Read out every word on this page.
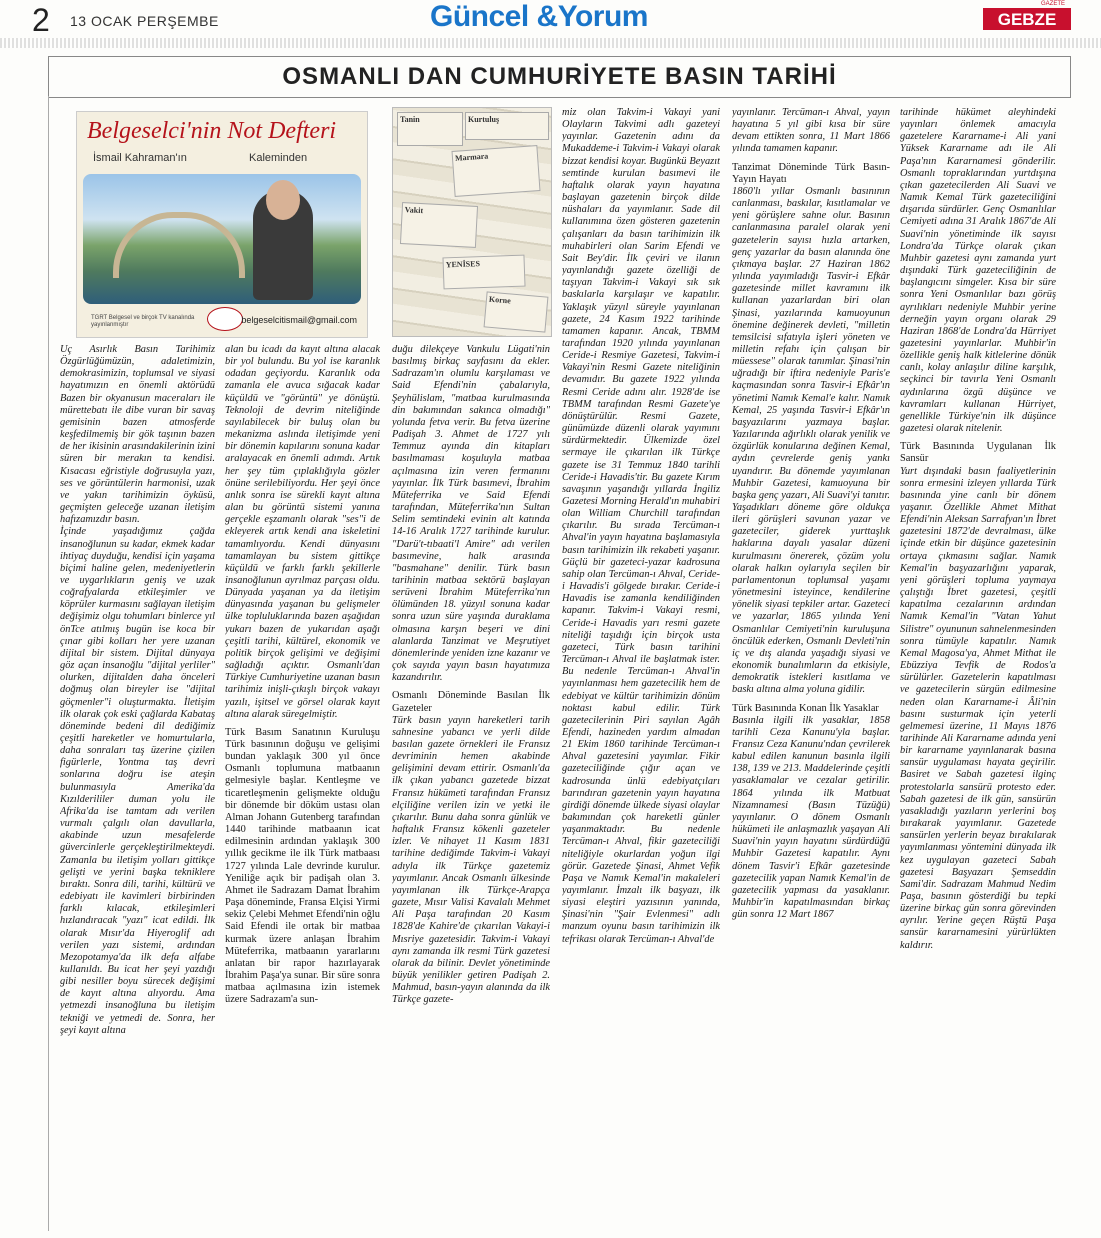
2 13 OCAK PERŞEMBE	Güncel &Yorum	GAZETE
GEBZE
OSMANLI DAN CUMHURİYETE BASIN TARİHİ
Belgeselci'nin Not Defteri
İsmail Kahraman'ın	Kaleminden
TGRT Belgesel ve birçok TV kanalında yayınlanmıştır	belgeselcitismail@gmail.com
Tanin	Kurtuluş
Marmara
Vakit
YENİSES
Korne

Üç Asırlık Basın Tarihimiz Özgürlüğümüzün, adaletimizin, demokrasimizin, toplumsal ve siyasi hayatımızın en önemli aktörüdü Bazen bir okyanusun maceraları ile mürettebatı ile dibe vuran bir savaş gemisinin bazen atmosferde keşfedilmemiş bir gök taşının bazen de her ikisinin arasındakilerinin izini süren bir merakın ta kendisi. Kısacası eğristiyle doğrusuyla yazı, ses ve görüntülerin harmonisi, uzak ve yakın tarihimizin öyküsü, geçmişten geleceğe uzanan iletişim hafızamızdır basın.

İçinde yaşadığımız çağda insanoğlunun su kadar, ekmek kadar ihtiyaç duyduğu, kendisi için yaşama biçimi haline gelen, medeniyetlerin ve uygarlıkların geniş ve uzak coğrafyalarda etkileşimler ve köprüler kurmasını sağlayan iletişim değişimiz olgu tohumları binlerce yıl önTce atılmış bugün ise koca bir çınar gibi kolları her yere uzanan dijital bir sistem. Dijital dünyaya göz açan insanoğlu "dijital yerliler" olurken, dijitalden daha önceleri doğmuş olan bireyler ise "dijital göçmenler"i oluşturmakta. İletişim ilk olarak çok eski çağlarda Kabataş döneminde bedeni dil dediğimiz çeşitli hareketler ve homurtularla, daha sonraları taş üzerine çizilen figürlerle, Yontma taş devri sonlarına doğru ise ateşin bulunmasıyla Amerika'da Kızılderililer duman yolu ile Afrika'da ise tamtam adı verilen vurmalı çalgılı olan davullarla, akabinde uzun mesafelerde güvercinlerle gerçekleştirilmekteydi. Zamanla bu iletişim yolları gittikçe gelişti ve yerini başka tekniklere bıraktı. Sonra dili, tarihi, kültürü ve edebiyatı ile kavimleri birbirinden farklı kılacak, etkileşimleri hızlandıracak "yazı" icat edildi. İlk olarak Mısır'da Hiyeroglif adı verilen yazı sistemi, ardından Mezopotamya'da ilk defa alfabe kullanıldı. Bu icat her şeyi yazdığı gibi nesiller boyu sürecek değişimi de kayıt altına alıyordu. Ama yetmezdi insanoğluna bu iletişim tekniği ve yetmedi de. Sonra, her şeyi kayıt altına

alan bu icadı da kayıt altına alacak bir yol bulundu. Bu yol ise karanlık odadan geçiyordu. Karanlık oda zamanla ele avuca sığacak kadar küçüldü ve "görüntü" ye dönüştü. Teknoloji de devrim niteliğinde sayılabilecek bir buluş olan bu mekanizma aslında iletişimde yeni bir dönemin kapılarını sonuna kadar aralayacak en önemli adımdı. Artık her şey tüm çıplaklığıyla gözler önüne serilebiliyordu. Her şeyi önce anlık sonra ise sürekli kayıt altına alan bu görüntü sistemi yanına gerçekle eşzamanlı olarak "ses"i de ekleyerek artık kendi ana iskeletini tamamlıyordu. Kendi dünyasını tamamlayan bu sistem gittikçe küçüldü ve farklı farklı şekillerle insanoğlunun ayrılmaz parçası oldu. Dünyada yaşanan ya da iletişim dünyasında yaşanan bu gelişmeler ülke topluluklarında bazen aşağıdan yukarı bazen de yukarıdan aşağı çeşitli tarihi, kültürel, ekonomik ve politik birçok gelişimi ve değişimi sağladığı açıktır. Osmanlı'dan Türkiye Cumhuriyetine uzanan basın tarihimiz inişli-çıkışlı birçok vakayı yazılı, işitsel ve görsel olarak kayıt altına alarak süregelmiştir.

Türk Basım Sanatının Kuruluşu Türk basınının doğuşu ve gelişimi bundan yaklaşık 300 yıl önce Osmanlı toplumuna matbaanın gelmesiyle başlar. Kentleşme ve ticaretleşmenin gelişmekte olduğu bir dönemde bir döküm ustası olan Alman Johann Gutenberg tarafından 1440 tarihinde matbaanın icat edilmesinin ardından yaklaşık 300 yıllık gecikme ile ilk Türk matbaası 1727 yılında Lale devrinde kurulur. Yeniliğe açık bir padişah olan 3. Ahmet ile Sadrazam Damat İbrahim Paşa döneminde, Fransa Elçisi Yirmi sekiz Çelebi Mehmet Efendi'nin oğlu Said Efendi ile ortak bir matbaa kurmak üzere anlaşan İbrahim Müteferrika, matbaanın yararlarını anlatan bir rapor hazırlayarak İbrahim Paşa'ya sunar. Bir süre sonra matbaa açılmasına izin istemek üzere Sadrazam'a sun-

duğu dilekçeye Vankulu Lügati'nin basılmış birkaç sayfasını da ekler. Sadrazam'ın olumlu karşılaması ve Said Efendi'nin çabalarıyla, Şeyhülislam, "matbaa kurulmasında din bakımından sakınca olmadığı" yolunda fetva verir. Bu fetva üzerine Padişah 3. Ahmet de 1727 yılı Temmuz ayında din kitapları basılmaması koşuluyla matbaa açılmasına izin veren fermanını yayınlar. İlk Türk basımevi, İbrahim Müteferrika ve Said Efendi tarafından, Müteferrika'nın Sultan Selim semtindeki evinin alt katında 14-16 Aralık 1727 tarihinde kurulur. "Darü't-tıbaati'l Amire" adı verilen basımevine, halk arasında "basmahane" denilir. Türk basın tarihinin matbaa sektörü başlayan serüveni İbrahim Müteferrika'nın ölümünden 18. yüzyıl sonuna kadar sonra uzun süre yaşında duraklama olmasına karşın beşeri ve dini alanlarda Tanzimat ve Meşrutiyet dönemlerinde yeniden izne kazanır ve çok sayıda yayın basın hayatımıza kazandırılır.

Osmanlı Döneminde Basılan İlk Gazeteler

Türk basın yayın hareketleri tarih sahnesine yabancı ve yerli dilde basılan gazete örnekleri ile Fransız devriminin hemen akabinde gelişimini devam ettirir. Osmanlı'da ilk çıkan yabancı gazetede bizzat Fransız hükümeti tarafından Fransız elçiliğine verilen izin ve yetki ile çıkarılır. Bunu daha sonra günlük ve haftalık Fransız kökenli gazeteler izler. Ve nihayet 11 Kasım 1831 tarihine dediğimde Takvim-i Vakayi adıyla ilk Türkçe gazetemiz yayımlanır. Ancak Osmanlı ülkesinde yayımlanan ilk Türkçe-Arapça gazete, Mısır Valisi Kavalalı Mehmet Ali Paşa tarafından 20 Kasım 1828'de Kahire'de çıkarılan Vakayi-i Mısriye gazetesidir. Takvim-i Vakayi aynı zamanda ilk resmi Türk gazetesi olarak da bilinir. Devlet yönetiminde büyük yenilikler getiren Padişah 2. Mahmud, basın-yayın alanında da ilk Türkçe gazete-

miz olan Takvim-i Vakayi yani Olayların Takvimi adlı gazeteyi yayınlar. Gazetenin adını da Mukaddeme-i Takvim-i Vakayi olarak bizzat kendisi koyar. Bugünkü Beyazıt semtinde kurulan basımevi ile haftalık olarak yayın hayatına başlayan gazetenin birçok dilde nüshaları da yayımlanır. Sade dil kullanımına özen gösteren gazetenin çalışanları da basın tarihimizin ilk muhabirleri olan Sarim Efendi ve Sait Bey'dir. İlk çeviri ve ilanın yayınlandığı gazete özelliği de taşıyan Takvim-i Vakayi sık sık baskılarla karşılaşır ve kapatılır. Yaklaşık yüzyıl süreyle yayınlanan gazete, 24 Kasım 1922 tarihinde tamamen kapanır. Ancak, TBMM tarafından 1920 yılında yayınlanan Ceride-i Resmiye Gazetesi, Takvim-i Vakayi'nin Resmi Gazete niteliğinin devamıdır. Bu gazete 1922 yılında Resmi Ceride adını alır. 1928'de ise TBMM tarafından Resmi Gazete'ye dönüştürülür. Resmi Gazete, günümüzde düzenli olarak yayımını sürdürmektedir. Ülkemizde özel sermaye ile çıkarılan ilk Türkçe gazete ise 31 Temmuz 1840 tarihli Ceride-i Havadis'tir. Bu gazete Kırım savaşının yaşandığı yıllarda İngiliz Gazetesi Morning Herald'ın muhabiri olan William Churchill tarafından çıkarılır. Bu sırada Tercüman-ı Ahval'in yayın hayatına başlamasıyla basın tarihimizin ilk rekabeti yaşanır. Güçlü bir gazeteci-yazar kadrosuna sahip olan Tercüman-ı Ahval, Ceride-i Havadis'i gölgede bırakır. Ceride-i Havadis ise zamanla kendiliğinden kapanır. Takvim-i Vakayi resmi, Ceride-i Havadis yarı resmi gazete niteliği taşıdığı için birçok usta gazeteci, Türk basın tarihini Tercüman-ı Ahval ile başlatmak ister. Bu nedenle Tercüman-ı Ahval'in yayınlanması hem gazetecilik hem de edebiyat ve kültür tarihimizin dönüm noktası kabul edilir. Türk gazetecilerinin Piri sayılan Agâh Efendi, hazineden yardım almadan 21 Ekim 1860 tarihinde Tercüman-ı Ahval gazetesini yayımlar. Fikir gazeteciliğinde çığır açan ve kadrosunda ünlü edebiyatçıları barındıran gazetenin yayın hayatına girdiği dönemde ülkede siyasi olaylar bakımından çok hareketli günler yaşanmaktadır. Bu nedenle Tercüman-ı Ahval, fikir gazeteciliği niteliğiyle okurlardan yoğun ilgi görür. Gazetede Şinasi, Ahmet Vefik Paşa ve Namık Kemal'in makaleleri yayımlanır. İmzalı ilk başyazı, ilk siyasi eleştiri yazısının yanında, Şinasi'nin "Şair Evlenmesi" adlı manzum oyunu basın tarihimizin ilk tefrikası olarak Tercüman-ı Ahval'de

yayınlanır. Tercüman-ı Ahval, yayın hayatına 5 yıl gibi kısa bir süre devam ettikten sonra, 11 Mart 1866 yılında tamamen kapanır.

Tanzimat Döneminde Türk Basın-Yayın Hayatı

1860'lı yıllar Osmanlı basınının canlanması, baskılar, kısıtlamalar ve yeni görüşlere sahne olur. Basının canlanmasına paralel olarak yeni gazetelerin sayısı hızla artarken, genç yazarlar da basın alanında öne çıkmaya başlar. 27 Haziran 1862 yılında yayımladığı Tasvir-i Efkâr gazetesinde millet kavramını ilk kullanan yazarlardan biri olan Şinasi, yazılarında kamuoyunun önemine değinerek devleti, "milletin temsilcisi sıfatıyla işleri yöneten ve milletin refahı için çalışan bir müessese" olarak tanımlar. Şinasi'nin uğradığı bir iftira nedeniyle Paris'e kaçmasından sonra Tasvir-i Efkâr'ın yönetimi Namık Kemal'e kalır. Namık Kemal, 25 yaşında Tasvir-i Efkâr'ın başyazılarını yazmaya başlar. Yazılarında ağırlıklı olarak yenilik ve özgürlük konularına değinen Kemal, aydın çevrelerde geniş yankı uyandırır. Bu dönemde yayımlanan Muhbir Gazetesi, kamuoyuna bir başka genç yazarı, Ali Suavi'yi tanıtır. Yaşadıkları döneme göre oldukça ileri görüşleri savunan yazar ve gazeteciler, giderek yurttaşlık haklarına dayalı yasalar düzeni kurulmasını önererek, çözüm yolu olarak halkın oylarıyla seçilen bir parlamentonun toplumsal yaşamı yönetmesini isteyince, kendilerine yönelik siyasi tepkiler artar. Gazeteci ve yazarlar, 1865 yılında Yeni Osmanlılar Cemiyeti'nin kuruluşuna öncülük ederken, Osmanlı Devleti'nin iç ve dış alanda yaşadığı siyasi ve ekonomik bunalımların da etkisiyle, demokratik istekleri kısıtlama ve baskı altına alma yoluna gidilir.

Türk Basınında Konan İlk Yasaklar

Basınla ilgili ilk yasaklar, 1858 tarihli Ceza Kanunu'yla başlar. Fransız Ceza Kanunu'ndan çevrilerek kabul edilen kanunun basınla ilgili 138, 139 ve 213. Maddelerinde çeşitli yasaklamalar ve cezalar getirilir. 1864 yılında ilk Matbuat Nizamnamesi (Basın Tüzüğü) yayınlanır. O dönem Osmanlı hükümeti ile anlaşmazlık yaşayan Ali Suavi'nin yayın hayatını sürdürdüğü Muhbir Gazetesi kapatılır. Aynı dönem Tasvir'i Efkâr gazetesinde gazetecilik yapan Namık Kemal'in de gazetecilik yapması da yasaklanır. Muhbir'in kapatılmasından birkaç gün sonra 12 Mart 1867

tarihinde hükümet aleyhindeki yayınları önlemek amacıyla gazetelere Kararname-i Ali yani Yüksek Kararname adı ile Ali Paşa'nın Kararnamesi gönderilir. Osmanlı topraklarından yurtdışına çıkan gazetecilerden Ali Suavi ve Namık Kemal Türk gazeteciliğini dışarıda sürdürler. Genç Osmanlılar Cemiyeti adına 31 Aralık 1867'de Ali Suavi'nin yönetiminde ilk sayısı Londra'da Türkçe olarak çıkan Muhbir gazetesi aynı zamanda yurt dışındaki Türk gazeteciliğinin de başlangıcını simgeler. Kısa bir süre sonra Yeni Osmanlılar bazı görüş ayrılıkları nedeniyle Muhbir yerine derneğin yayın organı olarak 29 Haziran 1868'de Londra'da Hürriyet gazetesini yayınlarlar. Muhbir'in özellikle geniş halk kitlelerine dönük canlı, kolay anlaşılır diline karşılık, seçkinci bir tavırla Yeni Osmanlı aydınlarına özgü düşünce ve kavramları kullanan Hürriyet, genellikle Türkiye'nin ilk düşünce gazetesi olarak nitelenir.

Türk Basınında Uygulanan İlk Sansür

Yurt dışındaki basın faaliyetlerinin sonra ermesini izleyen yıllarda Türk basınında yine canlı bir dönem yaşanır. Özellikle Ahmet Mithat Efendi'nin Aleksan Sarrafyan'ın İbret gazetesini 1872'de devralması, ülke içinde etkin bir düşünce gazetesinin ortaya çıkmasını sağlar. Namık Kemal'in başyazarlığını yaparak, yeni görüşleri topluma yaymaya çalıştığı İbret gazetesi, çeşitli kapatılma cezalarının ardından Namık Kemal'in "Vatan Yahut Silistre" oyununun sahnelenmesinden sonra tümüyle kapatılır. Namık Kemal Magosa'ya, Ahmet Mithat ile Ebüzziya Tevfik de Rodos'a sürülürler. Gazetelerin kapatılması ve gazetecilerin sürgün edilmesine neden olan Kararname-i Âli'nin basını susturmak için yeterli gelmemesi üzerine, 11 Mayıs 1876 tarihinde Ali Kararname adında yeni bir kararname yayınlanarak basına sansür uygulaması hayata geçirilir. Basiret ve Sabah gazetesi ilginç protestolarla sansürü protesto eder. Sabah gazetesi de ilk gün, sansürün yasakladığı yazıların yerlerini boş bırakarak yayımlanır. Gazetede sansürlen yerlerin beyaz bırakılarak yayımlanması yöntemini dünyada ilk kez uygulayan gazeteci Sabah gazetesi Başyazarı Şemseddin Sami'dir. Sadrazam Mahmud Nedim Paşa, basının gösterdiği bu tepki üzerine birkaç gün sonra görevinden ayrılır. Yerine geçen Rüştü Paşa sansür kararnamesini yürürlükten kaldırır.
